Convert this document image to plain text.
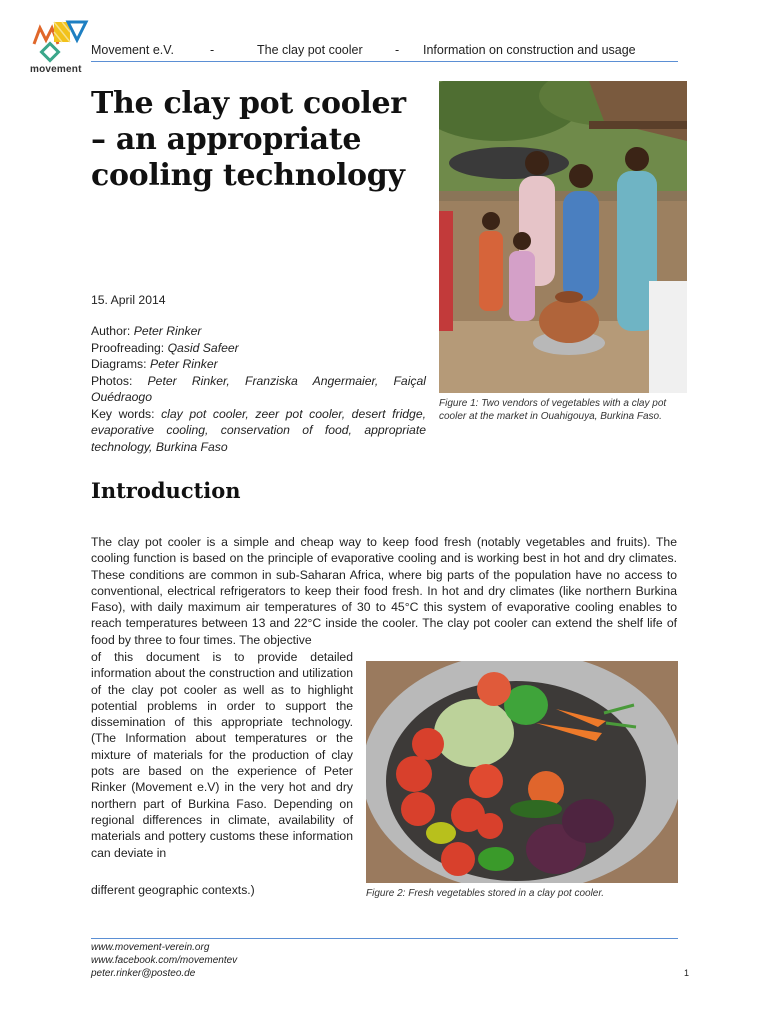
movement
Movement e.V.	-	The clay pot cooler	- Information on construction and usage
The clay pot cooler
– an appropriate
cooling technology
15. April 2014
Author: Peter Rinker
Proofreading: Qasid Safeer
Diagrams: Peter Rinker
Photos: Peter Rinker, Franziska Angermaier, Faiçal Ouédraogo
Key words: clay pot cooler, zeer pot cooler, desert fridge, evaporative cooling, conservation of food, appropriate technology, Burkina Faso
Figure 1: Two vendors of vegetables with a clay pot cooler at the market in Ouahigouya, Burkina Faso.
Introduction
The clay pot cooler is a simple and cheap way to keep food fresh (notably vegetables and fruits). The cooling function is based on the principle of evaporative cooling and is working best in hot and dry climates. These conditions are common in sub-Saharan Africa, where big parts of the population have no access to conventional, electrical refrigerators to keep their food fresh. In hot and dry climates (like northern Burkina Faso), with daily maximum air temperatures of 30 to 45°C this system of evaporative cooling enables to reach temperatures between 13 and 22°C inside the cooler. The clay pot cooler can extend the shelf life of food by three to four times. The objective
of this document is to provide detailed information about the construction and utilization of the clay pot cooler as well as to highlight potential problems in order to support the dissemination of this appropriate technology. (The Information about temperatures or the mixture of materials for the production of clay pots are based on the experience of Peter Rinker (Movement e.V) in the very hot and dry northern part of Burkina Faso. Depending on regional differences in climate, availability of materials and pottery customs these information can deviate in
different geographic contexts.)	Figure 2: Fresh vegetables stored in a clay pot cooler.
www.movement-verein.org
www.facebook.com/movementev
peter.rinker@posteo.de	1
